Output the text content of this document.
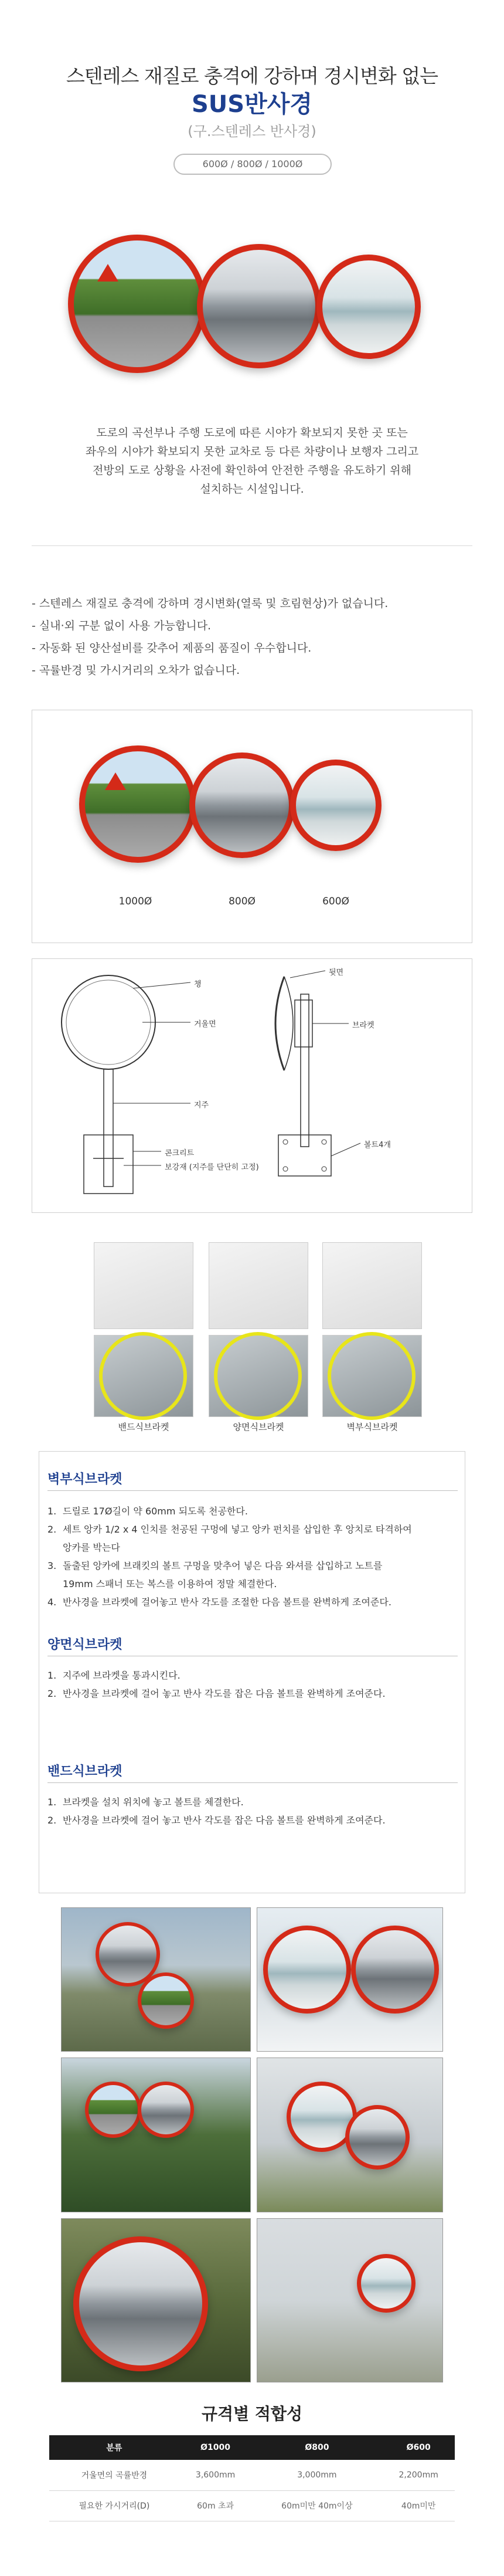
스텐레스 재질로 충격에 강하며 경시변화 없는
SUS반사경
(구.스텐레스 반사경)
600Ø / 800Ø / 1000Ø
도로의 곡선부나 주행 도로에 따른 시야가 확보되지 못한 곳 또는
좌우의 시야가 확보되지 못한 교차로 등 다른 차량이나 보행자 그리고
전방의 도로 상황을 사전에 확인하여 안전한 주행을 유도하기 위해
설치하는 시설입니다.
- 스텐레스 재질로 충격에 강하며 경시변화(열룩 및 흐림현상)가 없습니다.
- 실내·외 구분 없이 사용 가능합니다.
- 자동화 된 양산설비를 갖추어 제품의 품질이 우수합니다.
- 곡률반경 및 가시거리의 오차가 없습니다.
1000Ø	800Ø	600Ø
챙
거울면
지주
콘크리트
보강재 (지주를 단단히 고정)
뒷면
브라켓
볼트4개
밴드식브라켓	양면식브라켓	벽부식브라켓
벽부식브라켓
1. 드릴로 17Ø길이 약 60mm 되도록 천공한다.
2. 세트 앙카 1/2 x 4 인치를 천공된 구멍에 넣고 앙카 펀치를 삽입한 후 앙치로 타격하여
앙카를 박는다
3. 돌출된 앙카에 브래킷의 볼트 구멍을 맞추어 넣은 다음 와셔를 삽입하고 노트를
19mm 스패너 또는 복스를 이용하여 정말 체결한다.
4. 반사경을 브라켓에 걸어놓고 반사 각도를 조절한 다음 볼트를 완벽하게 조여준다.
양면식브라켓
1. 지주에 브라켓을 통과시킨다.
2. 반사경을 브라켓에 걸어 놓고 반사 각도를 잡은 다음 볼트를 완벽하게 조여준다.
밴드식브라켓
1. 브라켓을 설치 위치에 놓고 볼트를 체결한다.
2. 반사경을 브라켓에 걸어 놓고 반사 각도를 잡은 다음 볼트를 완벽하게 조여준다.
규격별 적합성
분류	Ø1000	Ø800	Ø600
거울면의 곡률반경	3,600mm	3,000mm	2,200mm
필요한 가시거리(D)	60m 초과	60m미만 40m이상	40m미만
